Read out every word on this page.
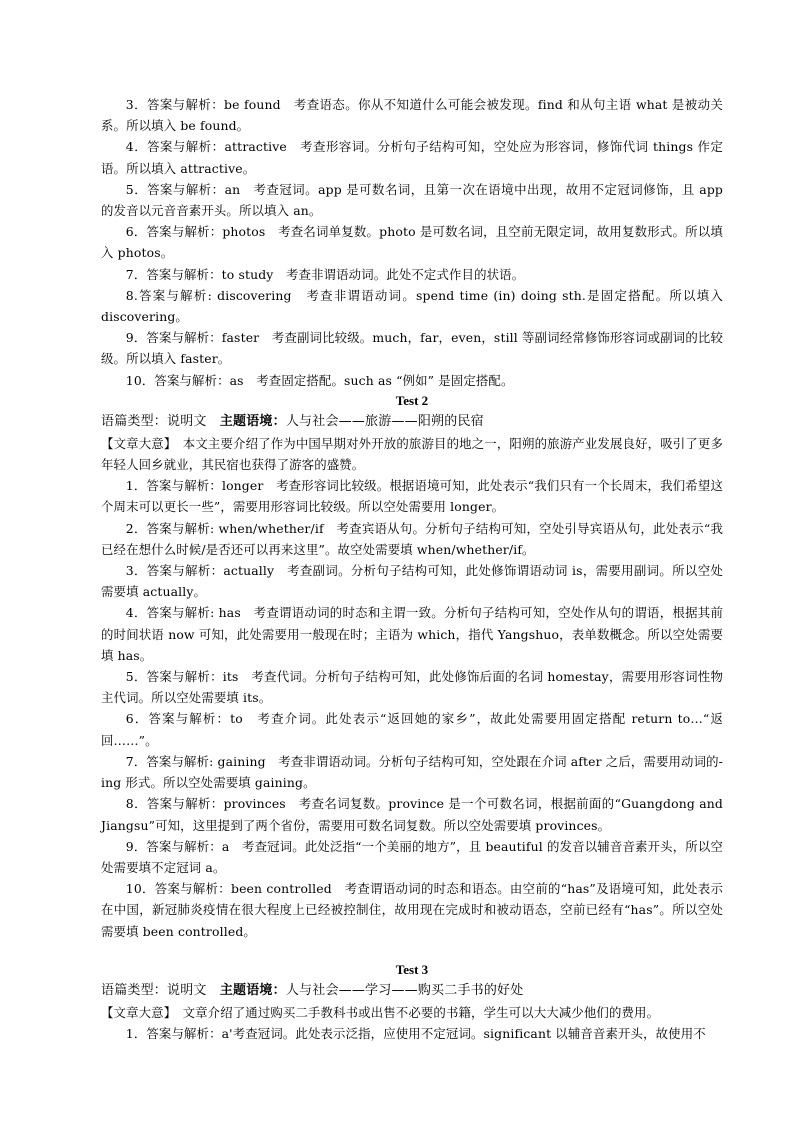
3．答案与解析：be found　考查语态。你从不知道什么可能会被发现。find 和从句主语 what 是被动关系。所以填入 be found。

4．答案与解析：attractive　考查形容词。分析句子结构可知，空处应为形容词，修饰代词 things 作定语。所以填入 attractive。

5．答案与解析：an　考查冠词。app 是可数名词，且第一次在语境中出现，故用不定冠词修饰，且 app 的发音以元音音素开头。所以填入 an。

6．答案与解析：photos　考查名词单复数。photo 是可数名词，且空前无限定词，故用复数形式。所以填入 photos。

7．答案与解析：to study　考查非谓语动词。此处不定式作目的状语。

8.答案与解析: discovering　考查非谓语动词。spend time (in) doing sth.是固定搭配。所以填入 discovering。

9．答案与解析：faster　考查副词比较级。much，far，even，still 等副词经常修饰形容词或副词的比较级。所以填入 faster。

10．答案与解析：as　考查固定搭配。such as “例如” 是固定搭配。

Test 2

语篇类型：说明文　 主题语境：人与社会——旅游——阳朔的民宿

【文章大意】　 本文主要介绍了作为中国早期对外开放的旅游目的地之一，阳朔的旅游产业发展良好，吸引了更多年轻人回乡就业，其民宿也获得了游客的盛赞。

1．答案与解析：longer　考查形容词比较级。根据语境可知，此处表示“我们只有一个长周末，我们希望这个周末可以更长一些”，需要用形容词比较级。所以空处需要用 longer。

2．答案与解析: when/whether/if　考查宾语从句。分析句子结构可知，空处引导宾语从句，此处表示“我已经在想什么时候/是否还可以再来这里”。故空处需要填 when/whether/if。

3．答案与解析：actually　考查副词。分析句子结构可知，此处修饰谓语动词 is，需要用副词。所以空处需要填 actually。

4．答案与解析: has　考查谓语动词的时态和主谓一致。分析句子结构可知，空处作从句的谓语，根据其前的时间状语 now 可知，此处需要用一般现在时；主语为 which，指代 Yangshuo，表单数概念。所以空处需要填 has。

5．答案与解析：its　考查代词。分析句子结构可知，此处修饰后面的名词 homestay，需要用形容词性物主代词。所以空处需要填 its。

6．答案与解析：to　考查介词。此处表示“返回她的家乡”，故此处需要用固定搭配 return to…“返回……”。

7．答案与解析: gaining　考查非谓语动词。分析句子结构可知，空处跟在介词 after 之后，需要用动词的-ing 形式。所以空处需要填 gaining。

8．答案与解析：provinces　考查名词复数。province 是一个可数名词，根据前面的“Guangdong and Jiangsu”可知，这里提到了两个省份，需要用可数名词复数。所以空处需要填 provinces。

9．答案与解析：a　考查冠词。此处泛指“一个美丽的地方”，且 beautiful 的发音以辅音音素开头，所以空处需要填不定冠词 a。

10．答案与解析：been controlled　考查谓语动词的时态和语态。由空前的“has”及语境可知，此处表示在中国，新冠肺炎疫情在很大程度上已经被控制住，故用现在完成时和被动语态，空前已经有“has”。所以空处需要填 been controlled。

Test 3

语篇类型：说明文　 主题语境：人与社会——学习——购买二手书的好处

【文章大意】　 文章介绍了通过购买二手教科书或出售不必要的书籍，学生可以大大减少他们的费用。

1．答案与解析：a'考查冠词。此处表示泛指，应使用不定冠词。significant 以辅音音素开头，故使用不
